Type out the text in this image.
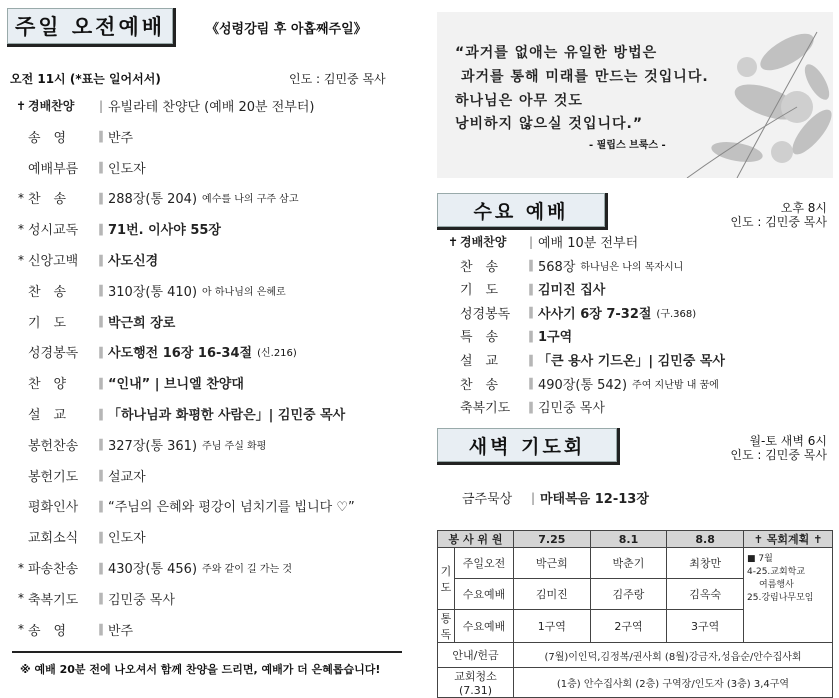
주일 오전예배	《성령강림 후 아홉째주일》
오전 11시 (*표는 일어서서)	인도 : 김민중 목사
✝ 경배찬양	| 유빌라테 찬양단 (예배 20분 전부터)
송　영	∥ 반주
예배부름	∥ 인도자
* 찬　송	∥ 288장(통 204) 예수를 나의 구주 삼고
* 성시교독	∥ 71번. 이사야 55장
* 신앙고백	∥ 사도신경
찬　송	∥ 310장(통 410) 아 하나님의 은혜로
기　도	∥ 박근희 장로
성경봉독	∥ 사도행전 16장 16-34절 (신.216)
찬　양	∥ “인내” | 브니엘 찬양대
설　교	∥ 「하나님과 화평한 사람은」| 김민중 목사
봉헌찬송	∥ 327장(통 361) 주님 주실 화평
봉헌기도	∥ 설교자
평화인사	∥ “주님의 은혜와 평강이 넘치기를 빕니다 ♡”
교회소식	∥ 인도자
* 파송찬송	∥ 430장(통 456) 주와 같이 길 가는 것
* 축복기도	∥ 김민중 목사
* 송　영	∥ 반주
※ 예배 20분 전에 나오셔서 함께 찬양을 드리면, 예배가 더 은혜롭습니다!
“과거를 없애는 유일한 방법은
과거를 통해 미래를 만드는 것입니다.
하나님은 아무 것도
낭비하지 않으실 것입니다.”
- 필립스 브룩스 -
수요 예배	오후 8시
인도 : 김민중 목사
✝ 경배찬양	| 예배 10분 전부터
찬　송	∥ 568장 하나님은 나의 목자시니
기　도	∥ 김미진 집사
성경봉독	∥ 사사기 6장 7-32절 (구.368)
특　송	∥ 1구역
설　교	∥ 「큰 용사 기드온」| 김민중 목사
찬　송	∥ 490장(통 542) 주여 지난밤 내 꿈에
축복기도	∥ 김민중 목사
새벽 기도회	월-토 새벽 6시
인도 : 김민중 목사
금주묵상	| 마태복음 12-13장
봉 사 위 원		7.25	8.1	8.8	✝ 목회계획 ✝
기도	주일오전	박근희	박춘기	최창만	■ 7월
4-25.교회학교
여름행사
25.강림나무모임

	수요예배	김미진	김주랑	김옥숙	
통독	수요예배	1구역	2구역	3구역	
안내/헌금		(7월)이인덕,김정복/권사회 (8월)강금자,성읍순/안수집사회			
교회청소(7.31)		(1층) 안수집사회 (2층) 구역장/인도자 (3층) 3,4구역			
